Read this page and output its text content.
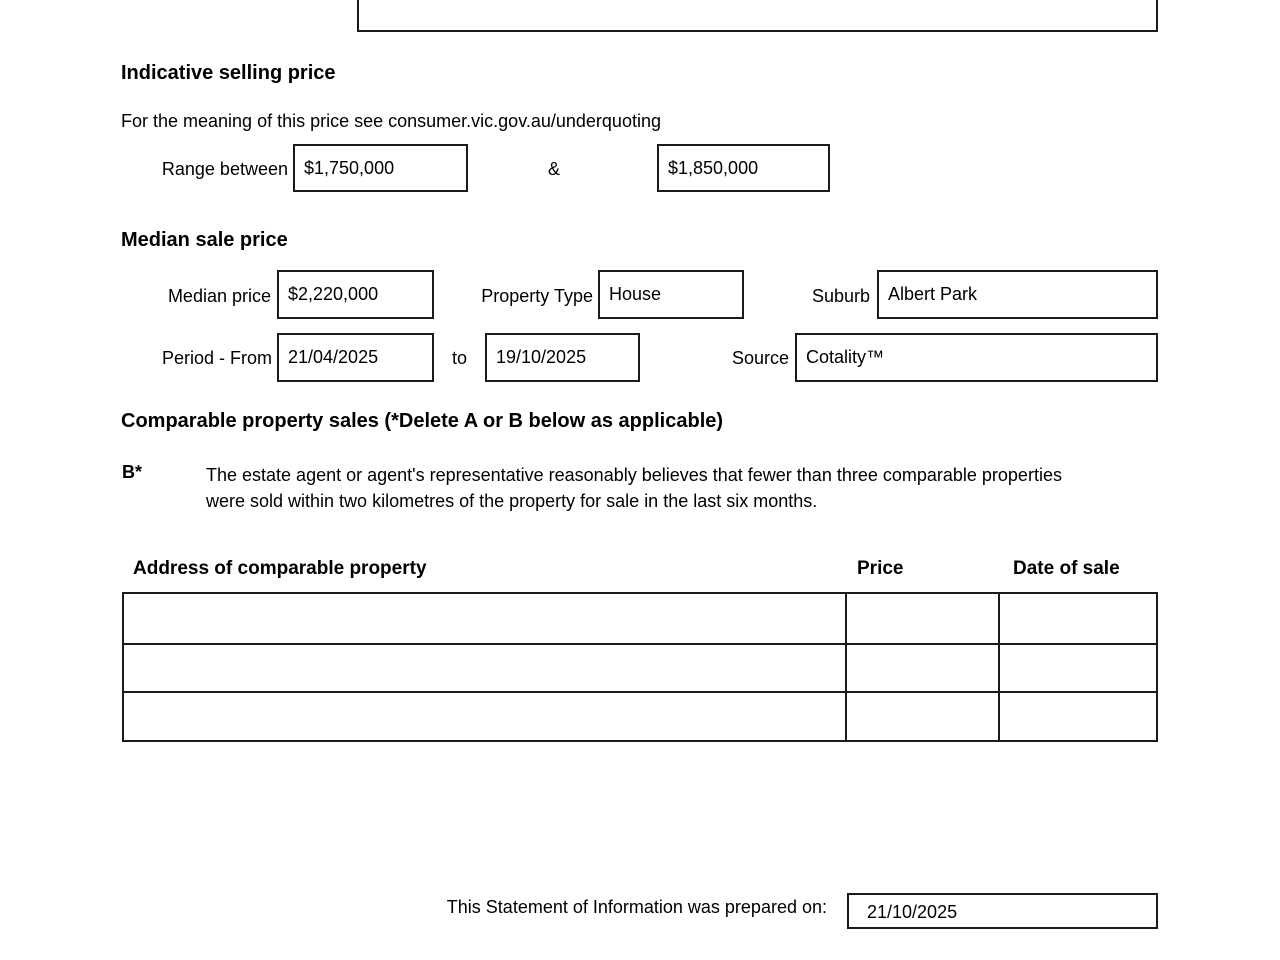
Indicative selling price
For the meaning of this price see consumer.vic.gov.au/underquoting
Range between $1,750,000	&	$1,850,000
Median sale price
Median price $2,220,000	Property Type House	Suburb	Albert Park
Period - From 21/04/2025	to	19/10/2025	Source Cotality™
Comparable property sales (*Delete A or B below as applicable)
B*	The estate agent or agent's representative reasonably believes that fewer than three comparable properties were sold within two kilometres of the property for sale in the last six months.
Address of comparable property	Price	Date of sale
This Statement of Information was prepared on:	21/10/2025
